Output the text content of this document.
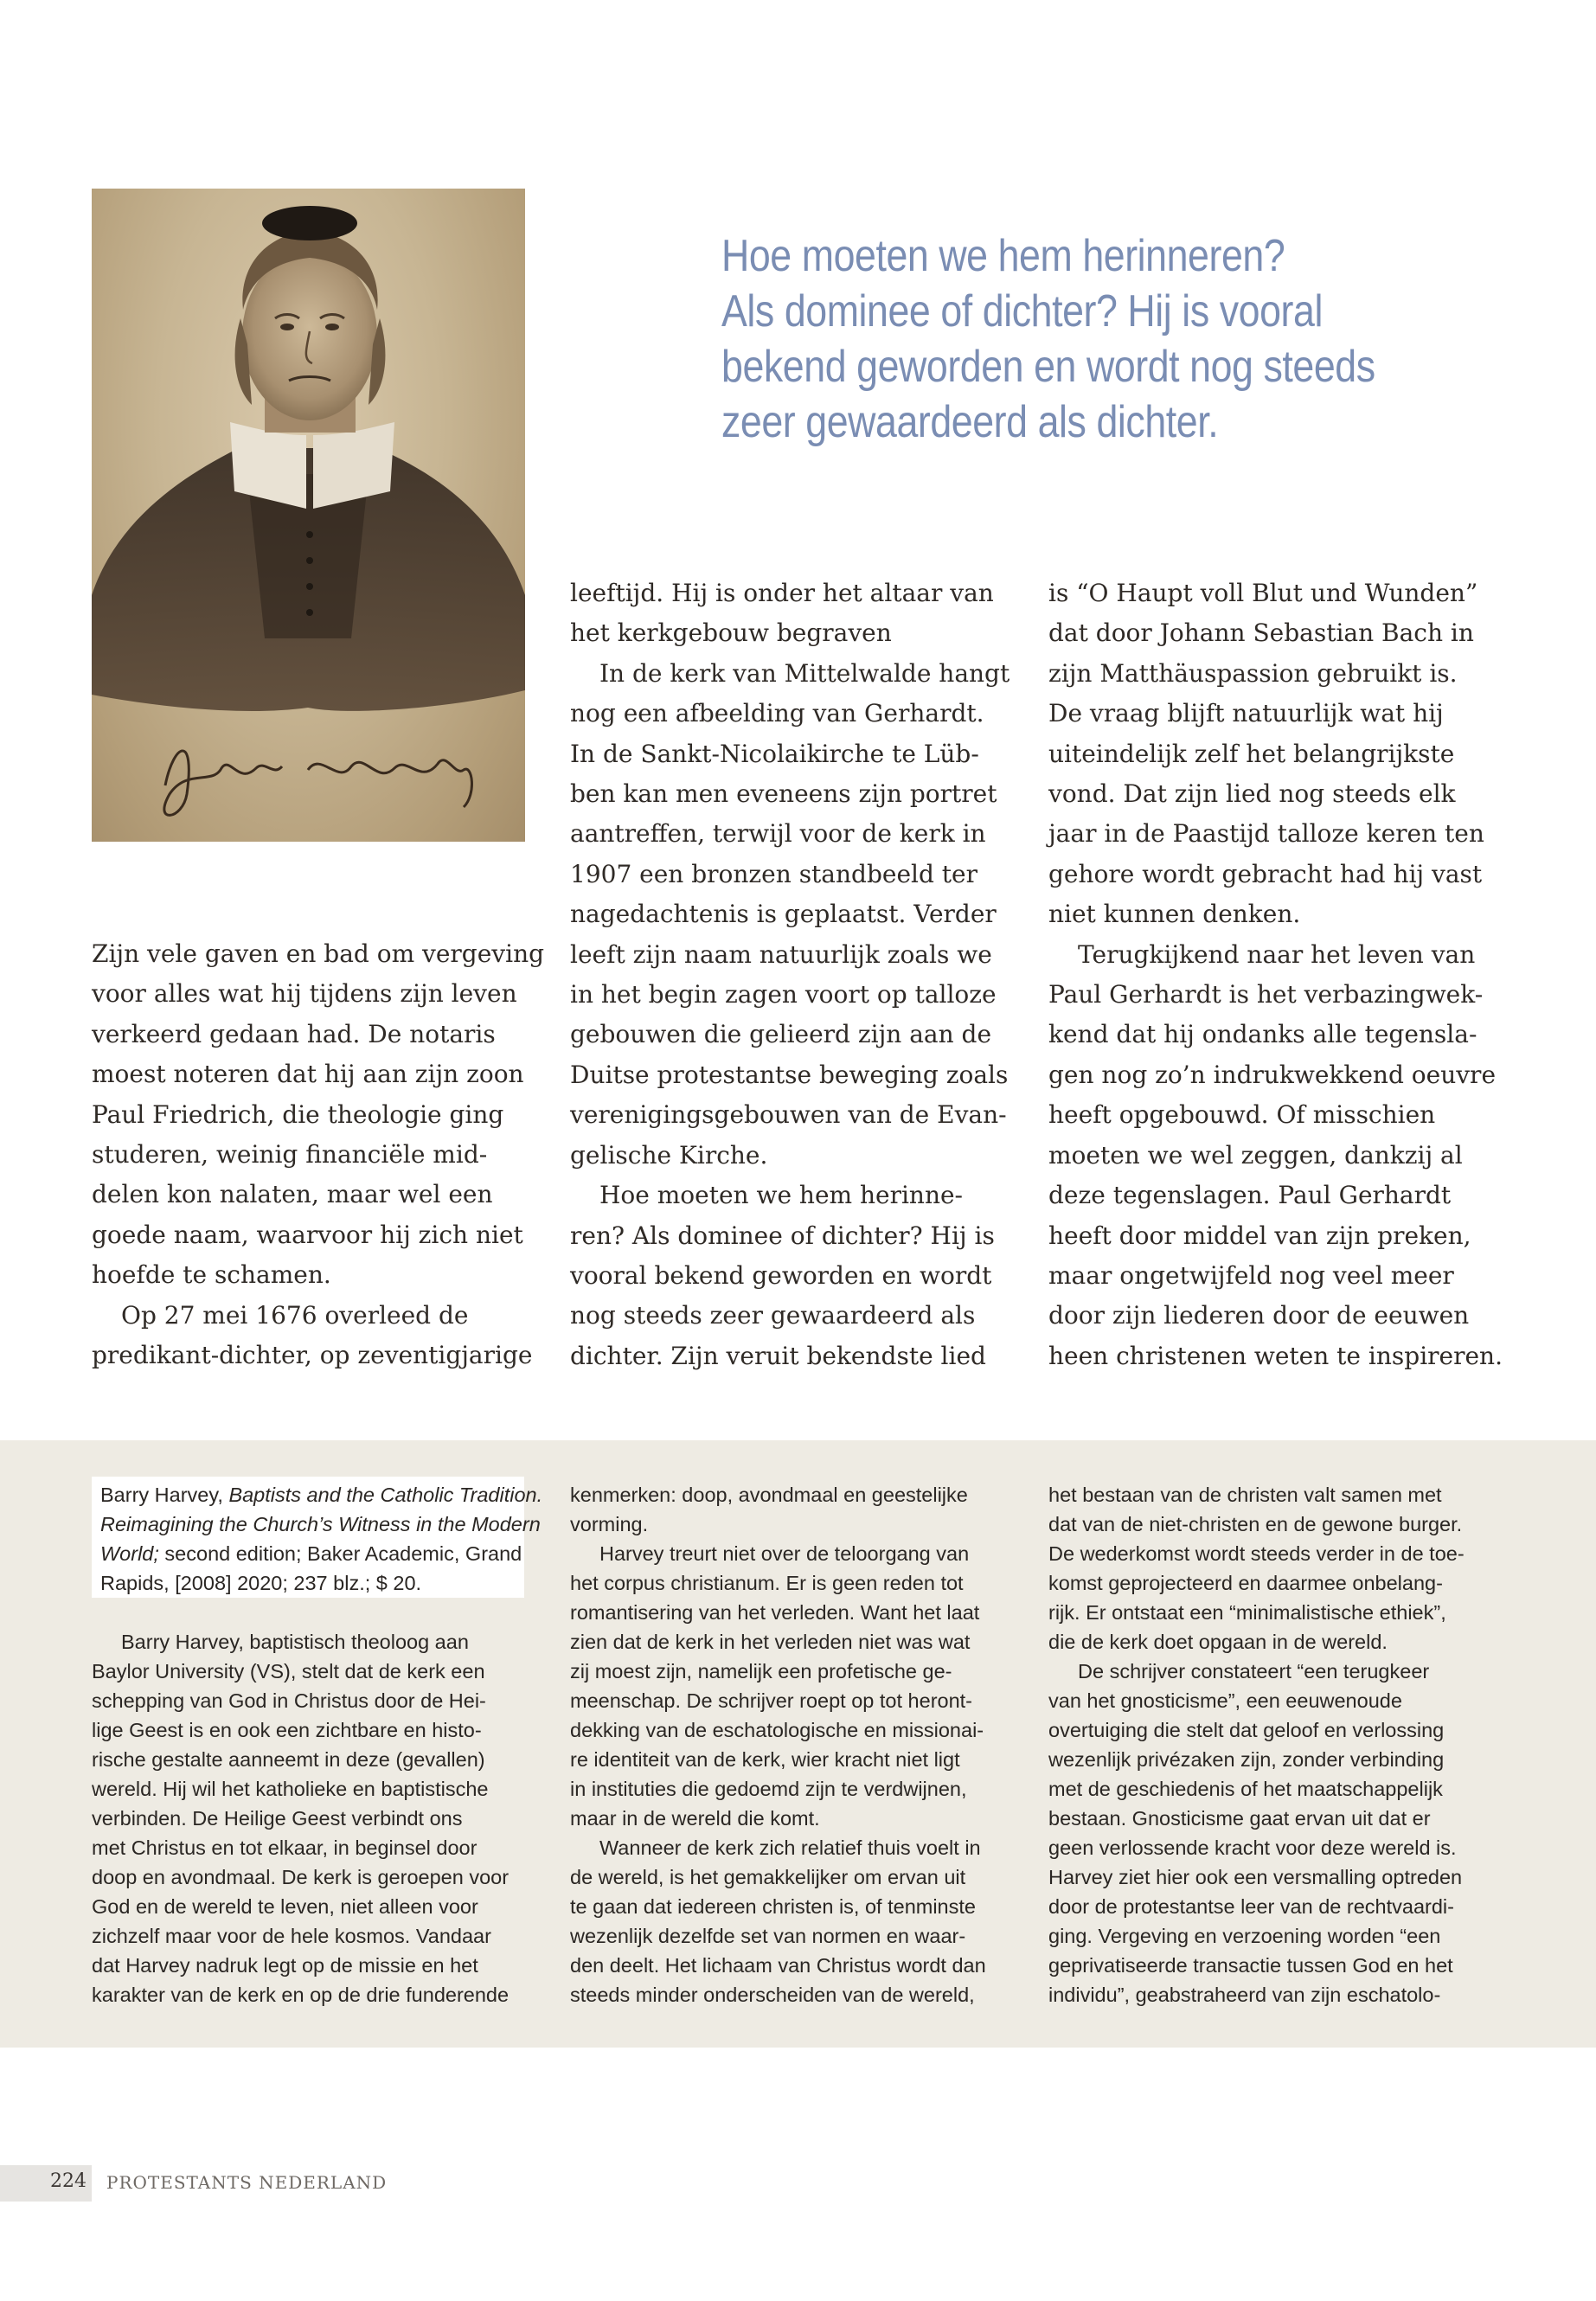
Hoe moeten we hem herinneren?
Als dominee of dichter? Hij is vooral
bekend geworden en wordt nog steeds
zeer gewaardeerd als dichter.
Zijn vele gaven en bad om vergeving
voor alles wat hij tijdens zijn leven
verkeerd gedaan had. De notaris
moest noteren dat hij aan zijn zoon
Paul Friedrich, die theologie ging
studeren, weinig financiële mid-
delen kon nalaten, maar wel een
goede naam, waarvoor hij zich niet
hoefde te schamen.
Op 27 mei 1676 overleed de
predikant-dichter, op zeventigjarige
leeftijd. Hij is onder het altaar van
het kerkgebouw begraven
In de kerk van Mittelwalde hangt
nog een afbeelding van Gerhardt.
In de Sankt-Nicolaikirche te Lüb-
ben kan men eveneens zijn portret
aantreffen, terwijl voor de kerk in
1907 een bronzen standbeeld ter
nagedachtenis is geplaatst. Verder
leeft zijn naam natuurlijk zoals we
in het begin zagen voort op talloze
gebouwen die gelieerd zijn aan de
Duitse protestantse beweging zoals
verenigingsgebouwen van de Evan-
gelische Kirche.
Hoe moeten we hem herinne-
ren? Als dominee of dichter? Hij is
vooral bekend geworden en wordt
nog steeds zeer gewaardeerd als
dichter. Zijn veruit bekendste lied
is “O Haupt voll Blut und Wunden”
dat door Johann Sebastian Bach in
zijn Matthäuspassion gebruikt is.
De vraag blijft natuurlijk wat hij
uiteindelijk zelf het belangrijkste
vond. Dat zijn lied nog steeds elk
jaar in de Paastijd talloze keren ten
gehore wordt gebracht had hij vast
niet kunnen denken.
Terugkijkend naar het leven van
Paul Gerhardt is het verbazingwek-
kend dat hij ondanks alle tegensla-
gen nog zo’n indrukwekkend oeuvre
heeft opgebouwd. Of misschien
moeten we wel zeggen, dankzij al
deze tegenslagen. Paul Gerhardt
heeft door middel van zijn preken,
maar ongetwijfeld nog veel meer
door zijn liederen door de eeuwen
heen christenen weten te inspireren.
Barry Harvey, Baptists and the Catholic Tradition.
Reimagining the Church’s Witness in the Modern
World; second edition; Baker Academic, Grand
Rapids, [2008] 2020; 237 blz.; $ 20.
Barry Harvey, baptistisch theoloog aan
Baylor University (VS), stelt dat de kerk een
schepping van God in Christus door de Hei-
lige Geest is en ook een zichtbare en histo-
rische gestalte aanneemt in deze (gevallen)
wereld. Hij wil het katholieke en baptistische
verbinden. De Heilige Geest verbindt ons
met Christus en tot elkaar, in beginsel door
doop en avondmaal. De kerk is geroepen voor
God en de wereld te leven, niet alleen voor
zichzelf maar voor de hele kosmos. Vandaar
dat Harvey nadruk legt op de missie en het
karakter van de kerk en op de drie funderende
kenmerken: doop, avondmaal en geestelijke
vorming.
Harvey treurt niet over de teloorgang van
het corpus christianum. Er is geen reden tot
romantisering van het verleden. Want het laat
zien dat de kerk in het verleden niet was wat
zij moest zijn, namelijk een profetische ge-
meenschap. De schrijver roept op tot heront-
dekking van de eschatologische en missionai-
re identiteit van de kerk, wier kracht niet ligt
in instituties die gedoemd zijn te verdwijnen,
maar in de wereld die komt.
Wanneer de kerk zich relatief thuis voelt in
de wereld, is het gemakkelijker om ervan uit
te gaan dat iedereen christen is, of tenminste
wezenlijk dezelfde set van normen en waar-
den deelt. Het lichaam van Christus wordt dan
steeds minder onderscheiden van de wereld,
het bestaan van de christen valt samen met
dat van de niet-christen en de gewone burger.
De wederkomst wordt steeds verder in de toe-
komst geprojecteerd en daarmee onbelang-
rijk. Er ontstaat een “minimalistische ethiek”,
die de kerk doet opgaan in de wereld.
De schrijver constateert “een terugkeer
van het gnosticisme”, een eeuwenoude
overtuiging die stelt dat geloof en verlossing
wezenlijk privézaken zijn, zonder verbinding
met de geschiedenis of het maatschappelijk
bestaan. Gnosticisme gaat ervan uit dat er
geen verlossende kracht voor deze wereld is.
Harvey ziet hier ook een versmalling optreden
door de protestantse leer van de rechtvaardi-
ging. Vergeving en verzoening worden “een
geprivatiseerde transactie tussen God en het
individu”, geabstraheerd van zijn eschatolo-
224 PROTESTANTS NEDERLAND
